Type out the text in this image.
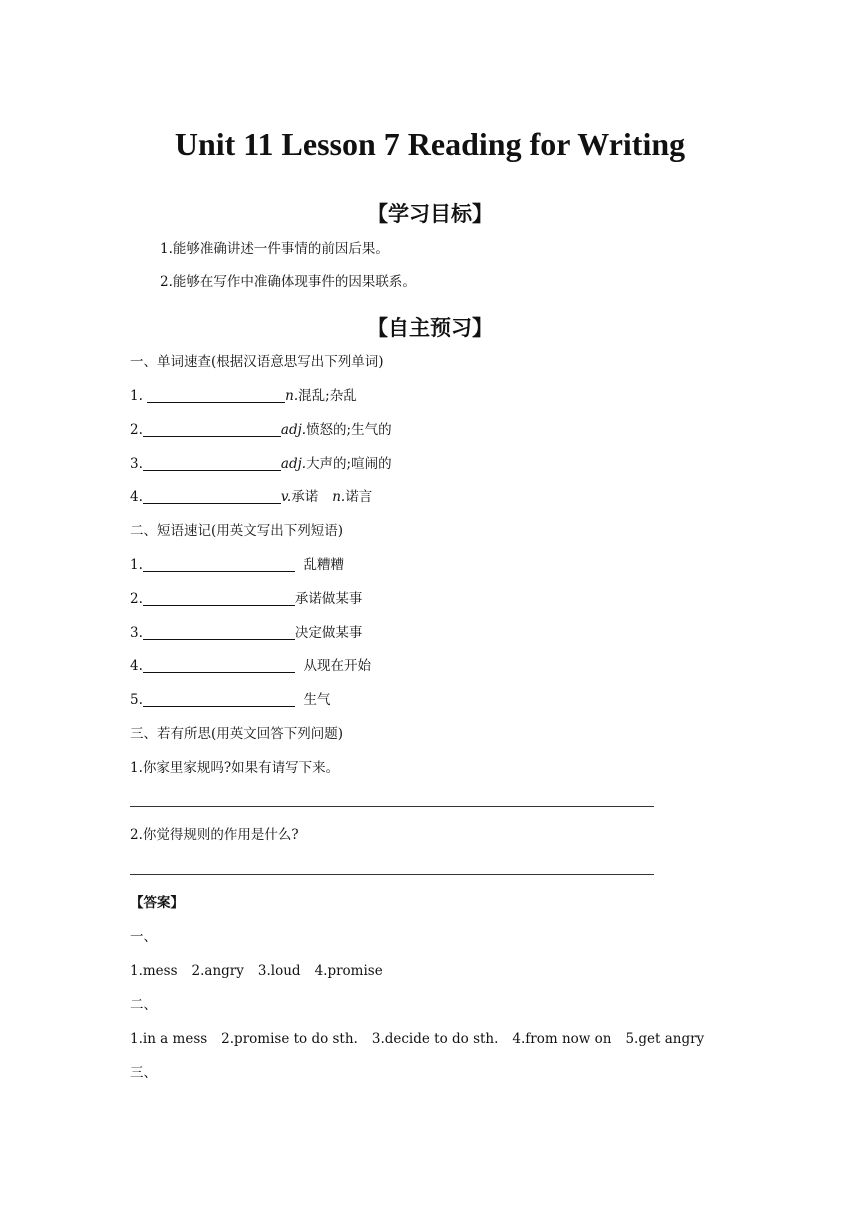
Unit 11 Lesson 7 Reading for Writing
【学习目标】
1.能够准确讲述一件事情的前因后果。
2.能够在写作中准确体现事件的因果联系。
【自主预习】
一、单词速查(根据汉语意思写出下列单词)
1.	n.混乱;杂乱
2.	adj.愤怒的;生气的
3.	adj.大声的;喧闹的
4.	v.承诺 n.诺言
二、短语速记(用英文写出下列短语)
1.	乱糟糟
2.	承诺做某事
3.	决定做某事
4.	从现在开始
5.	生气
三、若有所思(用英文回答下列问题)
1.你家里家规吗?如果有请写下来。
2.你觉得规则的作用是什么?
【答案】
一、
1.mess 2.angry 3.loud 4.promise
二、
1.in a mess 2.promise to do sth. 3.decide to do sth. 4.from now on 5.get angry
三、
